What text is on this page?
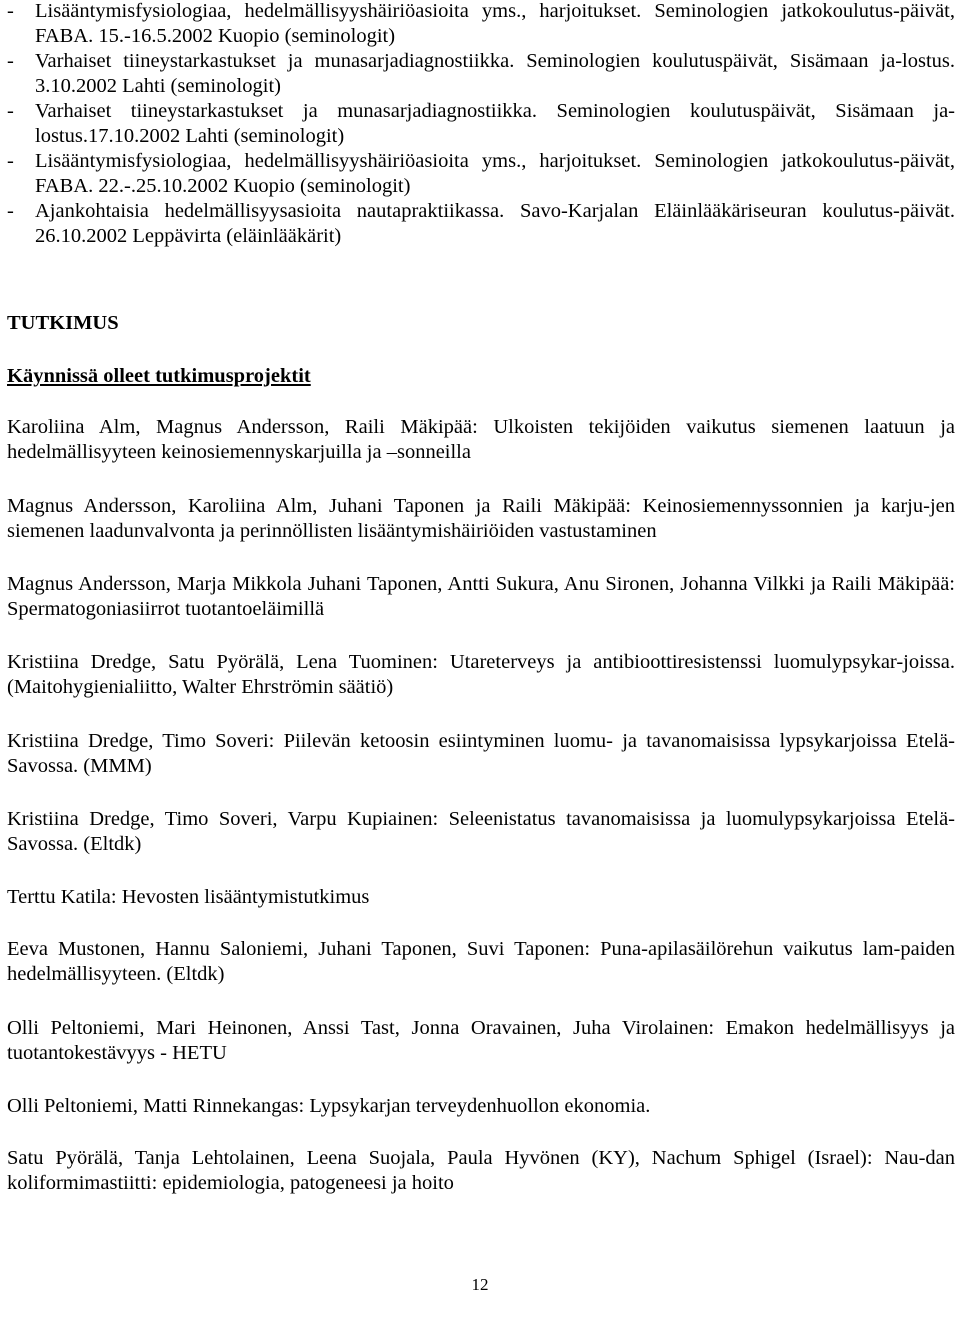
- Lisääntymisfysiologiaa, hedelmällisyyshäiriöasioita yms., harjoitukset. Seminologien jatkokoulutus-päivät, FABA. 15.-16.5.2002 Kuopio (seminologit)
- Varhaiset tiineystarkastukset ja munasarjadiagnostiikka. Seminologien koulutuspäivät, Sisämaan ja-lostus. 3.10.2002 Lahti (seminologit)
- Varhaiset tiineystarkastukset ja munasarjadiagnostiikka. Seminologien koulutuspäivät, Sisämaan ja-lostus.17.10.2002 Lahti (seminologit)
- Lisääntymisfysiologiaa, hedelmällisyyshäiriöasioita yms., harjoitukset. Seminologien jatkokoulutus-päivät, FABA. 22.-.25.10.2002 Kuopio (seminologit)
- Ajankohtaisia hedelmällisyysasioita nautapraktiikassa. Savo-Karjalan Eläinlääkäriseuran koulutus-päivät. 26.10.2002 Leppävirta (eläinlääkärit)
TUTKIMUS
Käynnissä olleet tutkimusprojektit
Karoliina Alm, Magnus Andersson, Raili Mäkipää: Ulkoisten tekijöiden vaikutus siemenen laatuun ja hedelmällisyyteen keinosiemennyskarjuilla ja –sonneilla
Magnus Andersson, Karoliina Alm, Juhani Taponen ja Raili Mäkipää: Keinosiemennyssonnien ja karju-jen siemenen laadunvalvonta ja perinnöllisten lisääntymishäiriöiden vastustaminen
Magnus Andersson, Marja Mikkola Juhani Taponen, Antti Sukura, Anu Sironen, Johanna Vilkki ja Raili Mäkipää: Spermatogoniasiirrot tuotantoeläimillä
Kristiina Dredge, Satu Pyörälä, Lena Tuominen: Utareterveys ja antibioottiresistenssi luomulypsykar-joissa. (Maitohygienialiitto, Walter Ehrströmin säätiö)
Kristiina Dredge, Timo Soveri: Piilevän ketoosin esiintyminen luomu- ja tavanomaisissa lypsykarjoissa Etelä-Savossa. (MMM)
Kristiina Dredge, Timo Soveri, Varpu Kupiainen: Seleenistatus tavanomaisissa ja luomulypsykarjoissa Etelä-Savossa. (Eltdk)
Terttu Katila: Hevosten lisääntymistutkimus
Eeva Mustonen, Hannu Saloniemi, Juhani Taponen, Suvi Taponen: Puna-apilasäilörehun vaikutus lam-paiden hedelmällisyyteen. (Eltdk)
Olli Peltoniemi, Mari Heinonen, Anssi Tast, Jonna Oravainen, Juha Virolainen: Emakon hedelmällisyys ja tuotantokestävyys - HETU
Olli Peltoniemi, Matti Rinnekangas: Lypsykarjan terveydenhuollon ekonomia.
Satu Pyörälä, Tanja Lehtolainen, Leena Suojala, Paula Hyvönen (KY), Nachum Sphigel (Israel): Nau-dan koliformimastiitti: epidemiologia, patogeneesi ja hoito
12
